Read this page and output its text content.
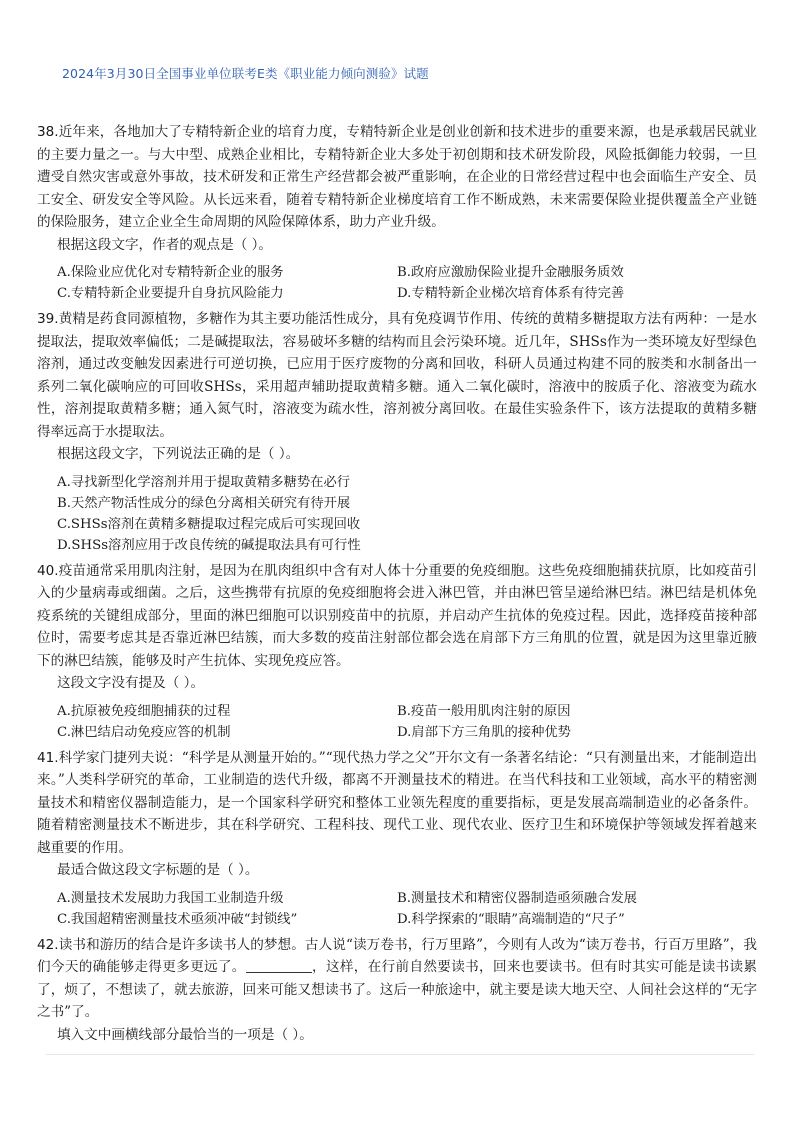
2024年3月30日全国事业单位联考E类《职业能力倾向测验》试题

38.近年来，各地加大了专精特新企业的培育力度，专精特新企业是创业创新和技术进步的重要来源，也是承载居民就业的主要力量之一。与大中型、成熟企业相比，专精特新企业大多处于初创期和技术研发阶段，风险抵御能力较弱，一旦遭受自然灾害或意外事故，技术研发和正常生产经营都会被严重影响，在企业的日常经营过程中也会面临生产安全、员工安全、研发安全等风险。从长远来看，随着专精特新企业梯度培育工作不断成熟，未来需要保险业提供覆盖全产业链的保险服务，建立企业全生命周期的风险保障体系，助力产业升级。

根据这段文字，作者的观点是（ ）。

A.保险业应优化对专精特新企业的服务	B.政府应激励保险业提升金融服务质效
C.专精特新企业要提升自身抗风险能力	D.专精特新企业梯次培育体系有待完善

39.黄精是药食同源植物，多糖作为其主要功能活性成分，具有免疫调节作用、传统的黄精多糖提取方法有两种：一是水提取法，提取效率偏低；二是碱提取法，容易破坏多糖的结构而且会污染环境。近几年，SHSs作为一类环境友好型绿色溶剂，通过改变触发因素进行可逆切换，已应用于医疗废物的分离和回收，科研人员通过构建不同的胺类和水制备出一系列二氧化碳响应的可回收SHSs，采用超声辅助提取黄精多糖。通入二氧化碳时，溶液中的胺质子化、溶液变为疏水性，溶剂提取黄精多糖；通入氮气时，溶液变为疏水性，溶剂被分离回收。在最佳实验条件下，该方法提取的黄精多糖得率远高于水提取法。

根据这段文字，下列说法正确的是（ ）。

A.寻找新型化学溶剂并用于提取黄精多糖势在必行
B.天然产物活性成分的绿色分离相关研究有待开展
C.SHSs溶剂在黄精多糖提取过程完成后可实现回收
D.SHSs溶剂应用于改良传统的碱提取法具有可行性

40.疫苗通常采用肌肉注射，是因为在肌肉组织中含有对人体十分重要的免疫细胞。这些免疫细胞捕获抗原，比如疫苗引入的少量病毒或细菌。之后，这些携带有抗原的免疫细胞将会进入淋巴管，并由淋巴管呈递给淋巴结。淋巴结是机体免疫系统的关键组成部分，里面的淋巴细胞可以识别疫苗中的抗原，并启动产生抗体的免疫过程。因此，选择疫苗接种部位时，需要考虑其是否靠近淋巴结簇，而大多数的疫苗注射部位都会选在肩部下方三角肌的位置，就是因为这里靠近腋下的淋巴结簇，能够及时产生抗体、实现免疫应答。

这段文字没有提及（ ）。

A.抗原被免疫细胞捕获的过程	B.疫苗一般用肌肉注射的原因
C.淋巴结启动免疫应答的机制	D.肩部下方三角肌的接种优势

41.科学家门捷列夫说：“科学是从测量开始的。”“现代热力学之父”开尔文有一条著名结论：“只有测量出来，才能制造出来。”人类科学研究的革命，工业制造的迭代升级，都离不开测量技术的精进。在当代科技和工业领域，高水平的精密测量技术和精密仪器制造能力，是一个国家科学研究和整体工业领先程度的重要指标，更是发展高端制造业的必备条件。随着精密测量技术不断进步，其在科学研究、工程科技、现代工业、现代农业、医疗卫生和环境保护等领域发挥着越来越重要的作用。

最适合做这段文字标题的是（ ）。

A.测量技术发展助力我国工业制造升级	B.测量技术和精密仪器制造亟须融合发展
C.我国超精密测量技术亟须冲破“封锁线”	D.科学探索的“眼睛”高端制造的“尺子”

42.读书和游历的结合是许多读书人的梦想。古人说“读万卷书，行万里路”，今则有人改为“读万卷书，行百万里路”，我们今天的确能够走得更多更远了。	，这样，在行前自然要读书，回来也要读书。但有时其实可能是读书读累了，烦了，不想读了，就去旅游，回来可能又想读书了。这后一种旅途中，就主要是读大地天空、人间社会这样的“无字之书”了。

填入文中画横线部分最恰当的一项是（ ）。
